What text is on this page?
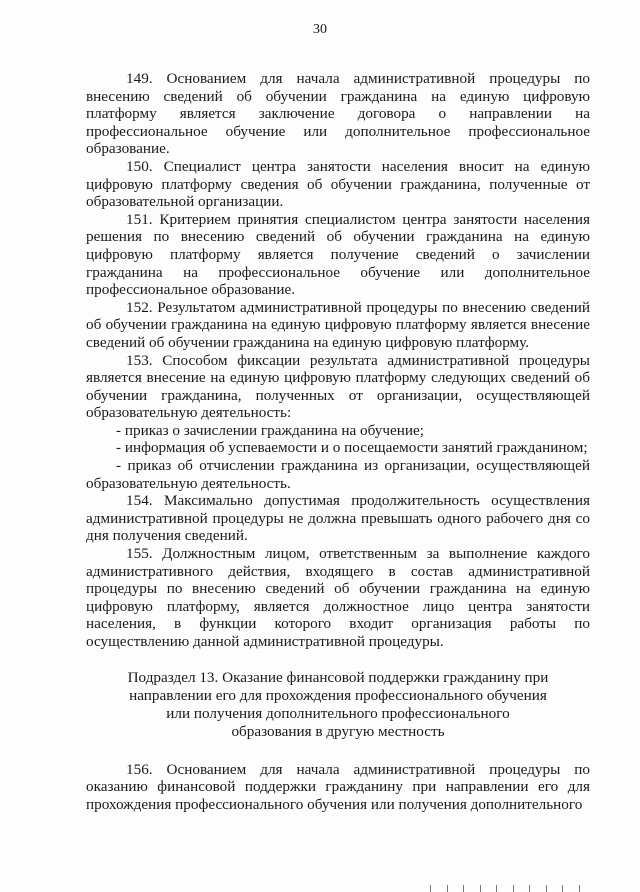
30

149. Основанием для начала административной процедуры по внесению сведений об обучении гражданина на единую цифровую платформу является заключение договора о направлении на профессиональное обучение или дополнительное профессиональное образование.

150. Специалист центра занятости населения вносит на единую цифровую платформу сведения об обучении гражданина, полученные от образовательной организации.

151. Критерием принятия специалистом центра занятости населения решения по внесению сведений об обучении гражданина на единую цифровую платформу является получение сведений о зачислении гражданина на профессиональное обучение или дополнительное профессиональное образование.

152. Результатом административной процедуры по внесению сведений об обучении гражданина на единую цифровую платформу является внесение сведений об обучении гражданина на единую цифровую платформу.

153. Способом фиксации результата административной процедуры является внесение на единую цифровую платформу следующих сведений об обучении гражданина, полученных от организации, осуществляющей образовательную деятельность:

- приказ о зачислении гражданина на обучение;

- информация об успеваемости и о посещаемости занятий гражданином;

- приказ об отчислении гражданина из организации, осуществляющей образовательную деятельность.

154. Максимально допустимая продолжительность осуществления административной процедуры не должна превышать одного рабочего дня со дня получения сведений.

155. Должностным лицом, ответственным за выполнение каждого административного действия, входящего в состав административной процедуры по внесению сведений об обучении гражданина на единую цифровую платформу, является должностное лицо центра занятости населения, в функции которого входит организация работы по осуществлению данной административной процедуры.

Подраздел 13. Оказание финансовой поддержки гражданину при
направлении его для прохождения профессионального обучения
или получения дополнительного профессионального
образования в другую местность

156. Основанием для начала административной процедуры по оказанию финансовой поддержки гражданину при направлении его для прохождения профессионального обучения или получения дополнительного
